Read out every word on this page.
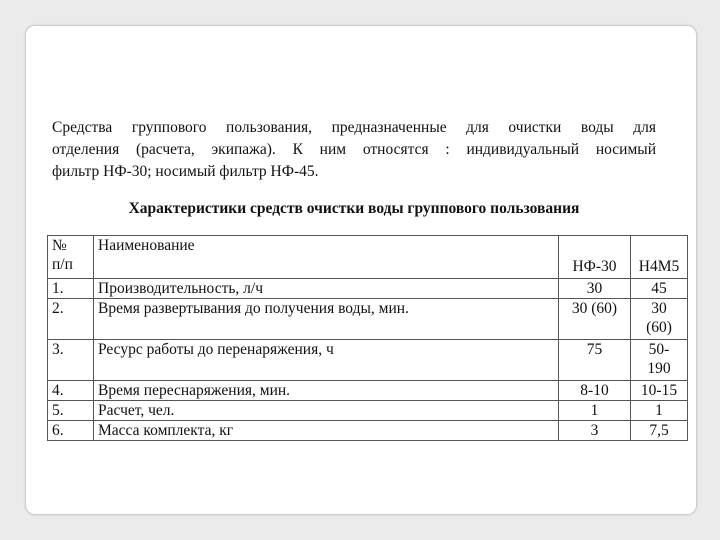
Средства группового пользования, предназначенные для очистки воды для
отделения (расчета, экипажа). К ним относятся : индивидуальный носимый
фильтр НФ-30; носимый фильтр НФ-45.
Характеристики средств очистки воды группового пользования
№
п/п	Наименование	НФ-30	Н4М5
1.	Производительность, л/ч	30	45
2.	Время развертывания до получения воды, мин.	30 (60)	30
(60)

3.	Ресурс работы до перенаряжения, ч	75	50-
190

4.	Время переснаряжения, мин.	8-10	10-15
5.	Расчет, чел.	1	1
6.	Масса комплекта, кг	3	7,5
